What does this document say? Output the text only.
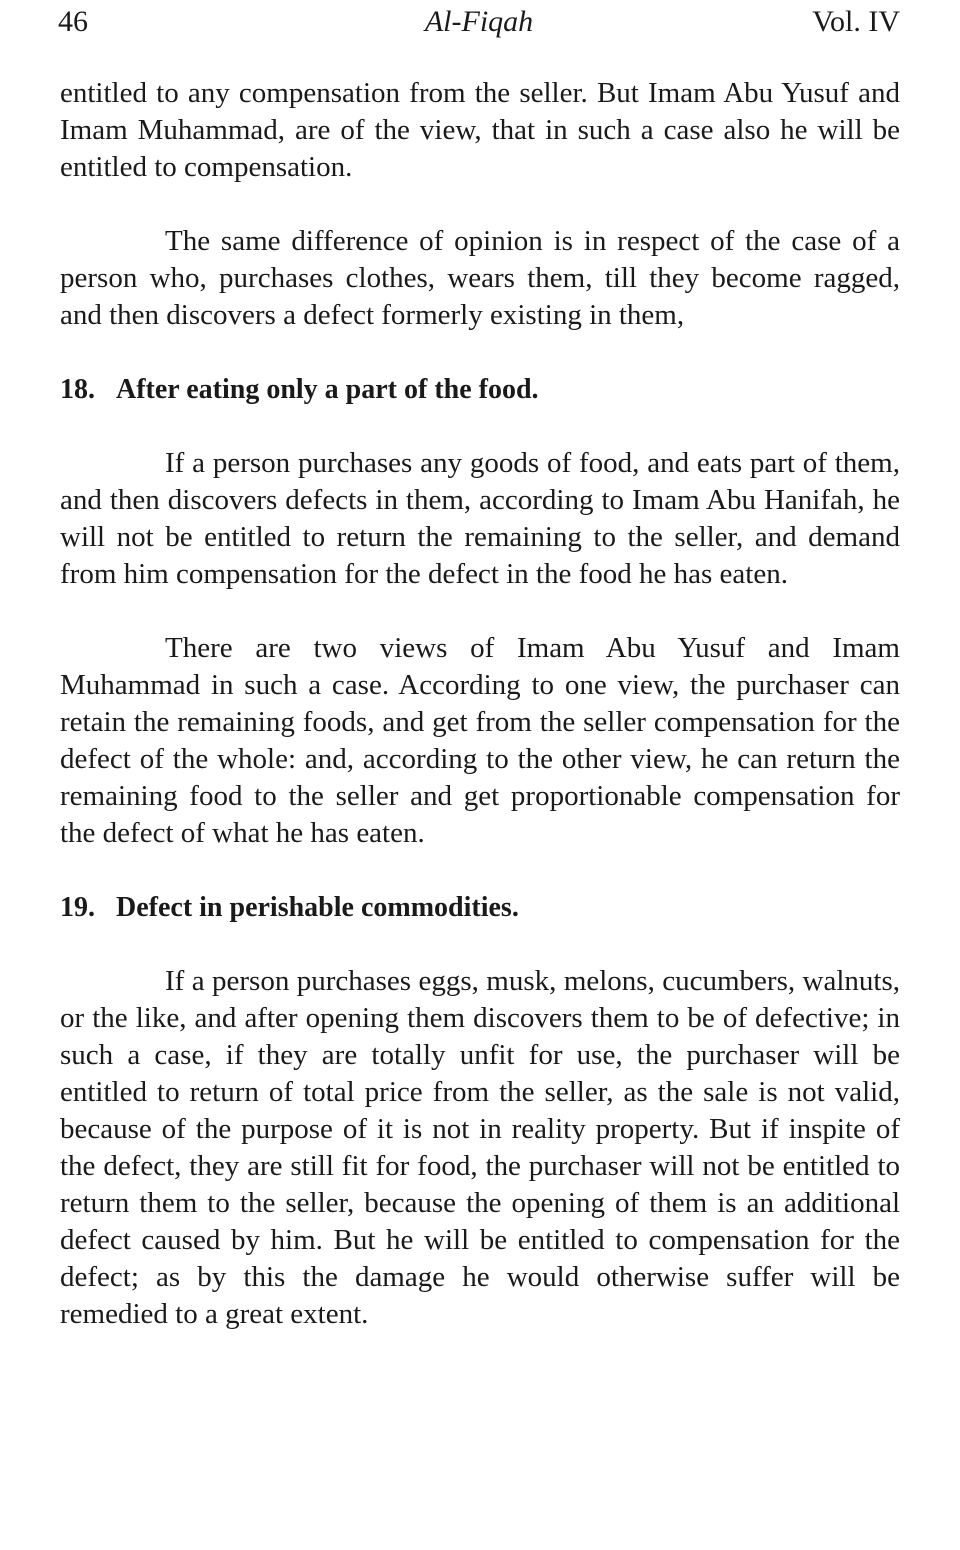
46	Al-Fiqah	Vol. IV

entitled to any compensation from the seller. But Imam Abu Yusuf and Imam Muhammad, are of the view, that in such a case also he will be entitled to compensation.

The same difference of opinion is in respect of the case of a person who, purchases clothes, wears them, till they become ragged, and then discovers a defect formerly existing in them,

18. After eating only a part of the food.

If a person purchases any goods of food, and eats part of them, and then discovers defects in them, according to Imam Abu Hanifah, he will not be entitled to return the remaining to the seller, and demand from him compensation for the defect in the food he has eaten.

There are two views of Imam Abu Yusuf and Imam Muhammad in such a case. According to one view, the purchaser can retain the remaining foods, and get from the seller compensation for the defect of the whole: and, according to the other view, he can return the remaining food to the seller and get proportionable compensation for the defect of what he has eaten.

19. Defect in perishable commodities.

If a person purchases eggs, musk, melons, cucumbers, walnuts, or the like, and after opening them discovers them to be of defective; in such a case, if they are totally unfit for use, the purchaser will be entitled to return of total price from the seller, as the sale is not valid, because of the purpose of it is not in reality property. But if inspite of the defect, they are still fit for food, the purchaser will not be entitled to return them to the seller, because the opening of them is an additional defect caused by him. But he will be entitled to compensation for the defect; as by this the damage he would otherwise suffer will be remedied to a great extent.
